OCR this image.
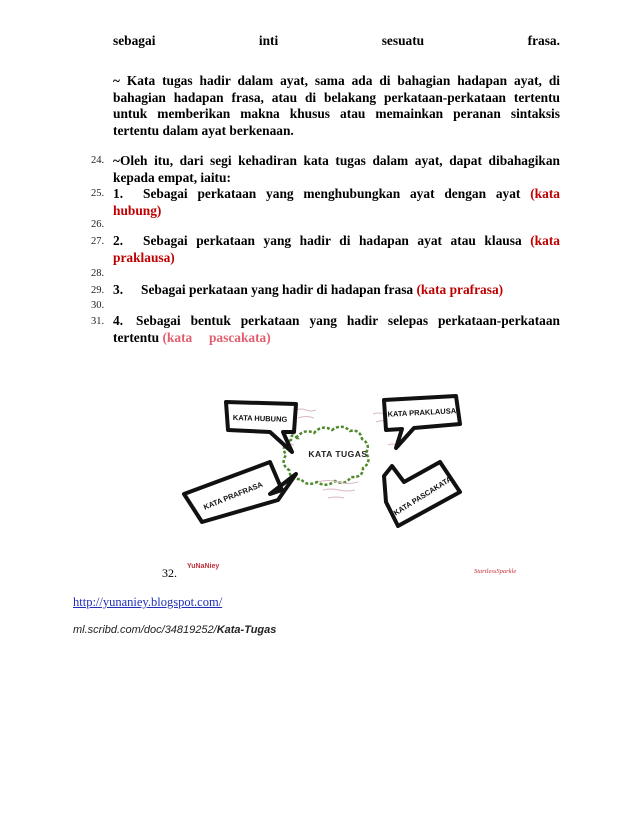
sebagai	inti	sesuatu	frasa.
~ Kata tugas hadir dalam ayat, sama ada di bahagian hadapan ayat, di bahagian hadapan frasa, atau di belakang perkataan-perkataan tertentu untuk memberikan makna khusus atau memainkan peranan sintaksis tertentu dalam ayat berkenaan.
24. ~Oleh itu, dari segi kehadiran kata tugas dalam ayat, dapat dibahagikan kepada empat, iaitu:
25. 1. Sebagai perkataan yang menghubungkan ayat dengan ayat (kata hubung)
26.
27. 2. Sebagai perkataan yang hadir di hadapan ayat atau klausa (kata praklausa)
28.
29. 3. Sebagai perkataan yang hadir di hadapan frasa (kata prafrasa)
30.
31. 4. Sebagai bentuk perkataan yang hadir selepas perkataan-perkataan tertentu (kata     pascakata)
KATA TUGAS
KATA HUBUNG	KATA PRAKLAUSA
KATA PRAFRASA	KATA PASCAKATA
32. YuNaNiey
StartlessSparkle
http://yunaniey.blogspot.com/
ml.scribd.com/doc/34819252/Kata-Tugas
